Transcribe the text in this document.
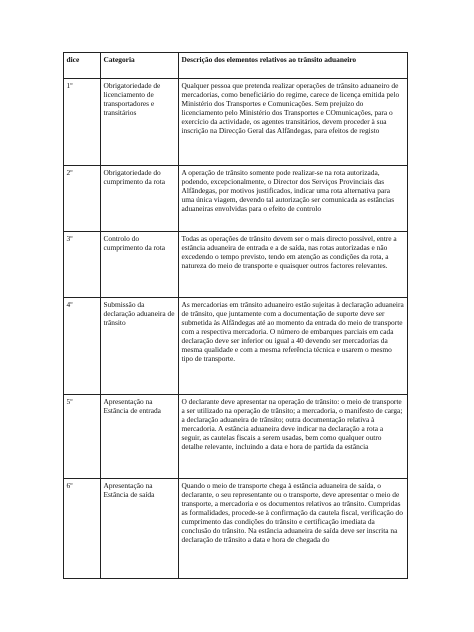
dice	Categoria	Descrição dos elementos relativos ao trânsito aduaneiro
1º	Obrigatoriedade de licenciamento de transportadores e transitários	Qualquer pessoa que pretenda realizar operações de trânsito aduaneiro de mercadorias, como beneficiário do regime, carece de licença emitida pelo Ministério dos Transportes e Comunicações. Sem prejuízo do licenciamento pelo Ministério dos Transportes e COmunicações, para o exercício da actividade, os agentes transitários, devem proceder à sua inscrição na Direcção Geral das Alfândegas, para efeitos de registo
2º	Obrigatoriedade do cumprimento da rota	A operação de trânsito somente pode realizar-se na rota autorizada, podendo, excepcionalmente, o Director dos Serviços Provinciais das Alfândegas, por motivos justificados, indicar uma rota alternativa para uma única viagem, devendo tal autorização ser comunicada as estâncias aduaneiras envolvidas para o efeito de controlo
3º	Controlo do cumprimento da rota	Todas as operações de trânsito devem ser o mais directo possível, entre a estância aduaneira de entrada e a de saída, nas rotas autorizadas e não excedendo o tempo previsto, tendo em atenção as condições da rota, a natureza do meio de transporte e quaisquer outros factores relevantes.
4º	Submissão da declaração aduaneira de trânsito	As mercadorias em trânsito aduaneiro estão sujeitas à declaração aduaneira de trânsito, que juntamente com a documentação de suporte deve ser submetida às Alfândegas até ao momento da entrada do meio de transporte com a respectiva mercadoria. O número de embarques parciais em cada declaração deve ser inferior ou igual a 40 devendo ser mercadorias da mesma qualidade e com a mesma referência técnica e usarem o mesmo tipo de transporte.
5º	Apresentação na Estância de entrada	O declarante deve apresentar na operação de trânsito: o meio de transporte a ser utilizado na operação de trânsito; a mercadoria, o manifesto de carga; a declaração aduaneira de trânsito; outra documentação relativa à mercadoria. A estância aduaneira deve indicar na declaração a rota a seguir, as cautelas fiscais a serem usadas, bem como qualquer outro detalhe relevante, incluindo a data e hora de partida da estância
6º	Apresentação na Estância de saída	Quando o meio de transporte chega à estância aduaneira de saída, o declarante, o seu representante ou o transporte, deve apresentar o meio de transporte, a mercadoria e os documentos relativos ao trânsito. Cumpridas as formalidades, procede-se à confirmação da cautela fiscal, verificação do cumprimento das condições do trânsito e certificação imediata da conclusão do trânsito. Na estância aduaneira de saída deve ser inscrita na declaração de trânsito a data e hora de chegada do
